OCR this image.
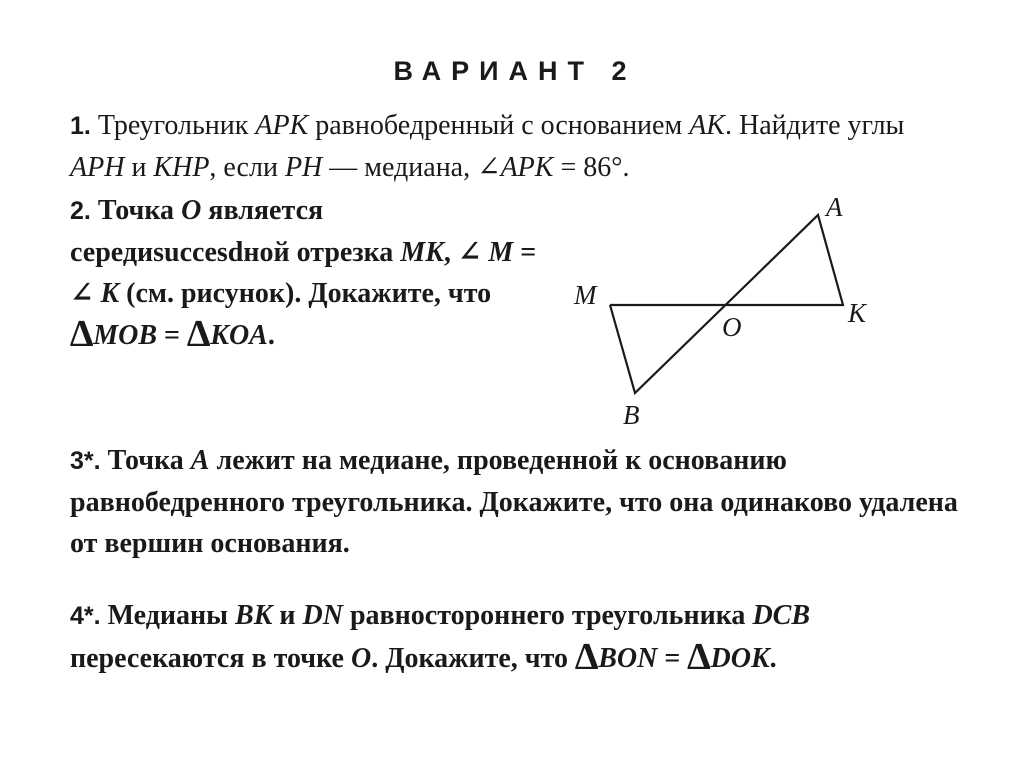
ВАРИАНТ 2

1. Треугольник APK равнобедренный с основанием AK. Найдите углы APH и KHP, если PH — медиана, ∠APK = 86°.

2. Точка O является середиsuccesdной отрезка MK, ∠ M = ∠ K (см. рисунок). Докажите, что ∆MOB = ∆KOA.

A
M
O	K
B

3*. Точка A лежит на медиане, проведенной к основанию равнобедренного треугольника. Докажите, что она одинаково удалена от вершин основания.

4*. Медианы BK и DN равностороннего треугольника DCB пересекаются в точке O. Докажите, что ∆BON = ∆DOK.
